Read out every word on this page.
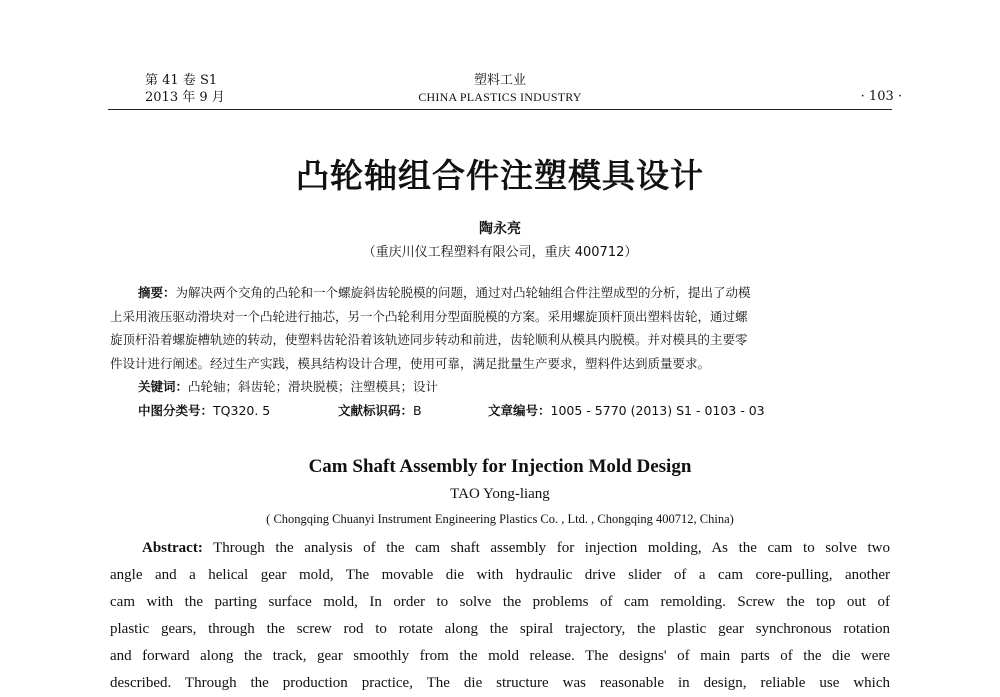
第 41 卷 S1
2013 年 9 月
塑料工业
CHINA PLASTICS INDUSTRY	· 103 ·
凸轮轴组合件注塑模具设计
陶永亮
（重庆川仪工程塑料有限公司，重庆 400712）
摘要：为解决两个交角的凸轮和一个螺旋斜齿轮脱模的问题，通过对凸轮轴组合件注塑成型的分析，提出了动模
上采用液压驱动滑块对一个凸轮进行抽芯，另一个凸轮利用分型面脱模的方案。采用螺旋顶杆顶出塑料齿轮，通过螺
旋顶杆沿着螺旋槽轨迹的转动，使塑料齿轮沿着该轨迹同步转动和前进，齿轮顺利从模具内脱模。并对模具的主要零
件设计进行阐述。经过生产实践，模具结构设计合理，使用可靠，满足批量生产要求，塑料件达到质量要求。
关键词：凸轮轴；斜齿轮；滑块脱模；注塑模具；设计
中图分类号：TQ320. 5	文献标识码：B	文章编号：1005 - 5770 (2013) S1 - 0103 - 03
Cam Shaft Assembly for Injection Mold Design
TAO Yong-liang
( Chongqing Chuanyi Instrument Engineering Plastics Co. , Ltd. , Chongqing 400712, China)
Abstract: Through the analysis of the cam shaft assembly for injection molding, As the cam to solve two
angle and a helical gear mold, The movable die with hydraulic drive slider of a cam core-pulling, another
cam with the parting surface mold, In order to solve the problems of cam remolding. Screw the top out of
plastic gears, through the screw rod to rotate along the spiral trajectory, the plastic gear synchronous rotation
and forward along the track, gear smoothly from the mold release. The designs' of main parts of the die were
described. Through the production practice, The die structure was reasonable in design, reliable use which
